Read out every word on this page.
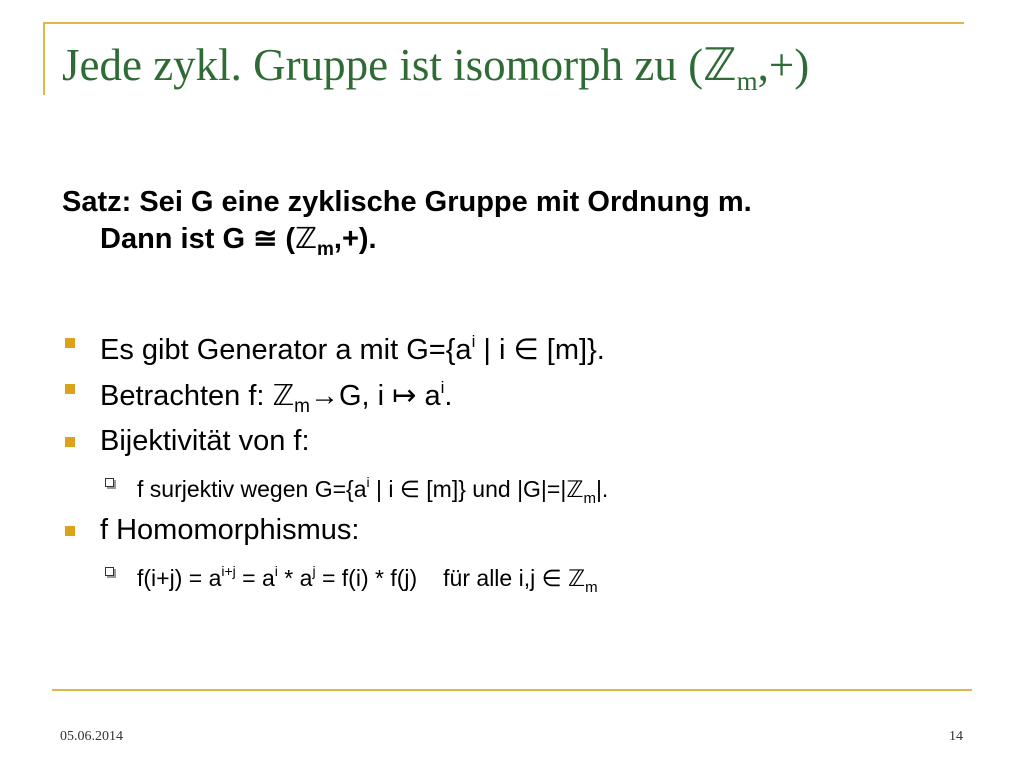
Jede zykl. Gruppe ist isomorph zu (ℤ$_m$,+)

Satz: Sei G eine zyklische Gruppe mit Ordnung m.
Dann ist G ≅ (ℤ$_m$,+).

Es gibt Generator a mit $G=\{a^i$ | i ∈ [m]}.

Betrachten f: ℤ$_m$→G, i ↦ $a^i$.

Bijektivität von f:

f surjektiv wegen $G=\{a^i$ | i ∈ [m]} und |G|=|ℤ$_m$|.

f Homomorphismus:

$f(i+j) = a^{i+j} = a^i * a^j = f(i) * f(j)$ für alle i,j ∈ ℤ$_m$

05.06.2014	14
